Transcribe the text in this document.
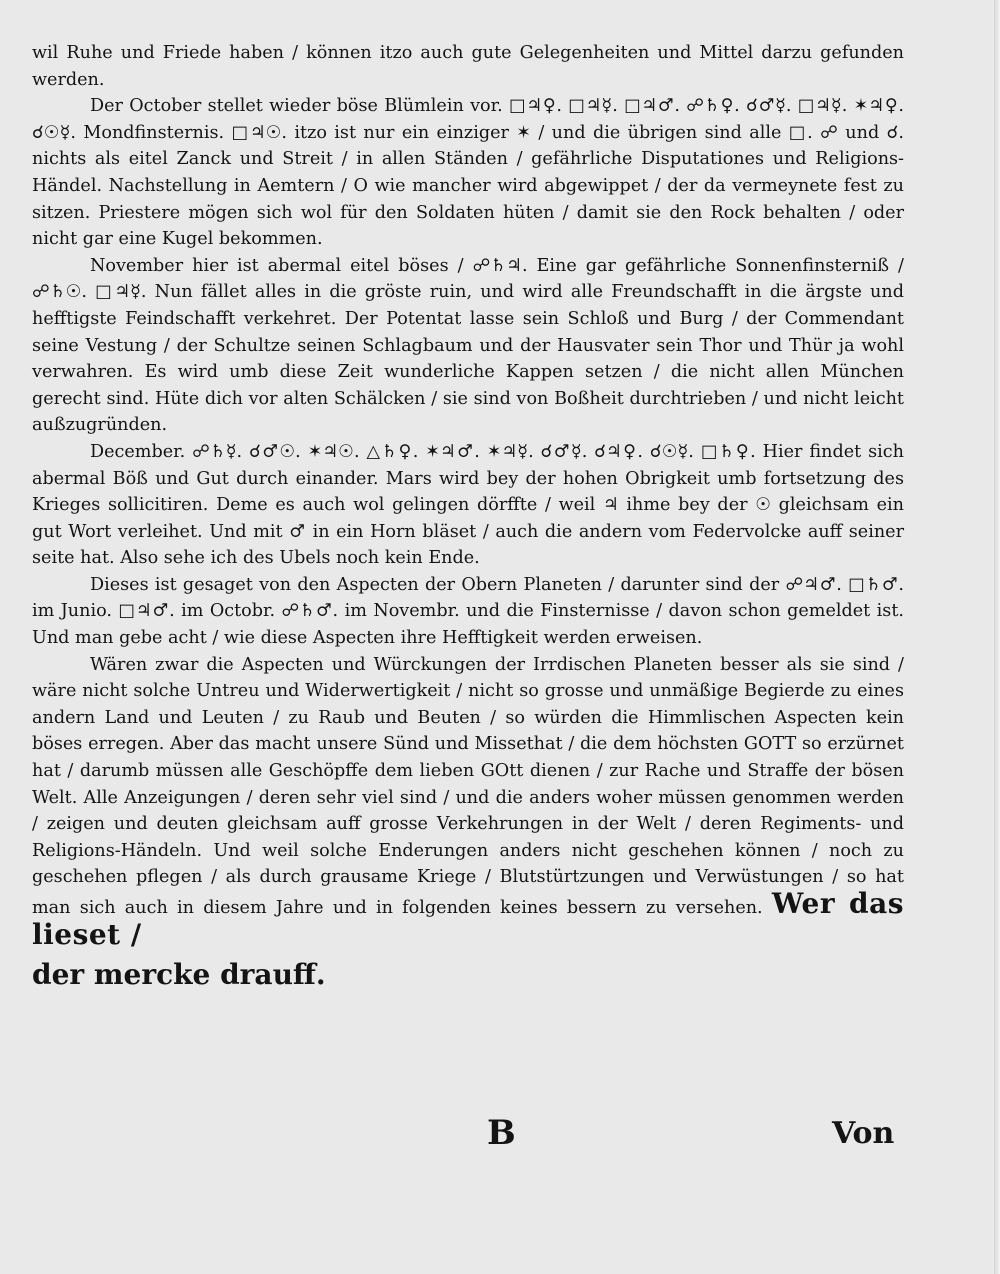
wil Ruhe und Friede haben / können itzo auch gute Gelegenheiten und Mittel darzu gefunden werden.

Der October stellet wieder böse Blümlein vor. □♃♀. □♃☿. □♃♂. ☍♄♀. ☌♂☿. □♃☿. ✶♃♀. ☌☉☿. Mondfinsternis. □♃☉. itzo ist nur ein einziger ✶ / und die übrigen sind alle □. ☍ und ☌. nichts als eitel Zanck und Streit / in allen Ständen / gefährliche Disputationes und Religions-Händel. Nachstellung in Aemtern / O wie mancher wird abgewippet / der da vermeynete fest zu sitzen. Priestere mögen sich wol für den Soldaten hüten / damit sie den Rock behalten / oder nicht gar eine Kugel bekommen.

November hier ist abermal eitel böses / ☍♄♃. Eine gar gefährliche Sonnenfinsterniß / ☍♄☉. □♃☿. Nun fället alles in die gröste ruin, und wird alle Freundschafft in die ärgste und hefftigste Feindschafft verkehret. Der Potentat lasse sein Schloß und Burg / der Commendant seine Vestung / der Schultze seinen Schlagbaum und der Hausvater sein Thor und Thür ja wohl verwahren. Es wird umb diese Zeit wunderliche Kappen setzen / die nicht allen München gerecht sind. Hüte dich vor alten Schälcken / sie sind von Boßheit durchtrieben / und nicht leicht außzugründen.

December. ☍♄☿. ☌♂☉. ✶♃☉. △♄♀. ✶♃♂. ✶♃☿. ☌♂☿. ☌♃♀. ☌☉☿. □♄♀. Hier findet sich abermal Böß und Gut durch einander. Mars wird bey der hohen Obrigkeit umb fortsetzung des Krieges sollicitiren. Deme es auch wol gelingen dörffte / weil ♃ ihme bey der ☉ gleichsam ein gut Wort verleihet. Und mit ♂ in ein Horn bläset / auch die andern vom Federvolcke auff seiner seite hat. Also sehe ich des Ubels noch kein Ende.

Dieses ist gesaget von den Aspecten der Obern Planeten / darunter sind der ☍♃♂. □♄♂. im Junio. □♃♂. im Octobr. ☍♄♂. im Novembr. und die Finsternisse / davon schon gemeldet ist. Und man gebe acht / wie diese Aspecten ihre Hefftigkeit werden erweisen.

Wären zwar die Aspecten und Würckungen der Irrdischen Planeten besser als sie sind / wäre nicht solche Untreu und Widerwertigkeit / nicht so grosse und unmäßige Begierde zu eines andern Land und Leuten / zu Raub und Beuten / so würden die Himmlischen Aspecten kein böses erregen. Aber das macht unsere Sünd und Missethat / die dem höchsten GOTT so erzürnet hat / darumb müssen alle Geschöpffe dem lieben GOtt dienen / zur Rache und Straffe der bösen Welt. Alle Anzeigungen / deren sehr viel sind / und die anders woher müssen genommen werden / zeigen und deuten gleichsam auff grosse Verkehrungen in der Welt / deren Regiments- und Religions-Händeln. Und weil solche Enderungen anders nicht geschehen können / noch zu geschehen pflegen / als durch grausame Kriege / Blutstürtzungen und Verwüstungen / so hat man sich auch in diesem Jahre und in folgenden keines bessern zu versehen. Wer das lieset /

der mercke drauff.

B	Von
